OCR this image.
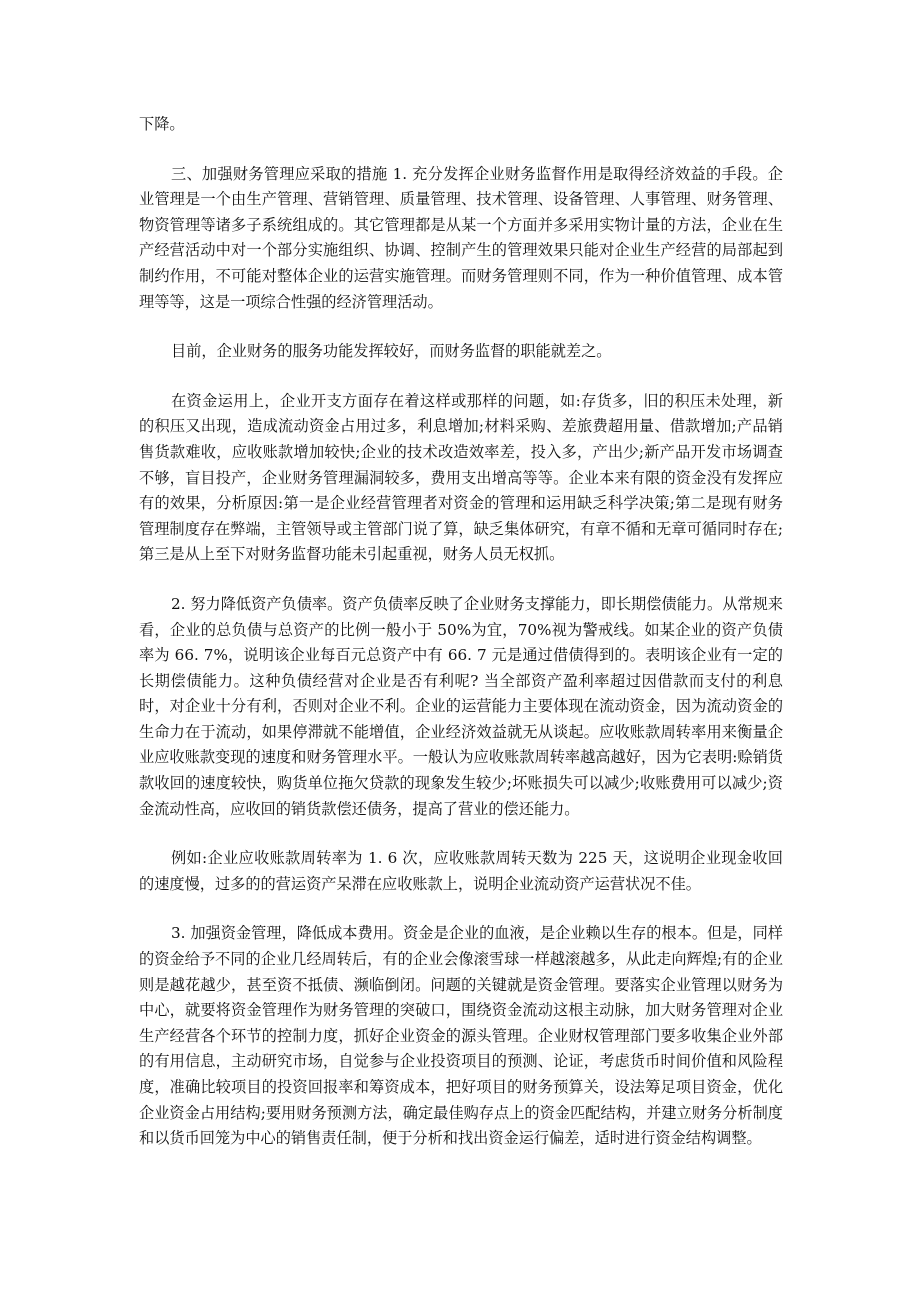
下降。

三、加强财务管理应采取的措施 1. 充分发挥企业财务监督作用是取得经济效益的手段。企业管理是一个由生产管理、营销管理、质量管理、技术管理、设备管理、人事管理、财务管理、物资管理等诸多子系统组成的。其它管理都是从某一个方面并多采用实物计量的方法，企业在生产经营活动中对一个部分实施组织、协调、控制产生的管理效果只能对企业生产经营的局部起到制约作用，不可能对整体企业的运营实施管理。而财务管理则不同，作为一种价值管理、成本管理等等，这是一项综合性强的经济管理活动。

目前，企业财务的服务功能发挥较好，而财务监督的职能就差之。

在资金运用上，企业开支方面存在着这样或那样的问题，如:存货多，旧的积压未处理，新的积压又出现，造成流动资金占用过多，利息增加;材料采购、差旅费超用量、借款增加;产品销售货款难收，应收账款增加较快;企业的技术改造效率差，投入多，产出少;新产品开发市场调查不够，盲目投产，企业财务管理漏洞较多，费用支出增高等等。企业本来有限的资金没有发挥应有的效果，分析原因:第一是企业经营管理者对资金的管理和运用缺乏科学决策;第二是现有财务管理制度存在弊端，主管领导或主管部门说了算，缺乏集体研究，有章不循和无章可循同时存在;第三是从上至下对财务监督功能未引起重视，财务人员无权抓。

2. 努力降低资产负债率。资产负债率反映了企业财务支撑能力，即长期偿债能力。从常规来看，企业的总负债与总资产的比例一般小于 50%为宜，70%视为警戒线。如某企业的资产负债率为 66. 7%，说明该企业每百元总资产中有 66. 7 元是通过借债得到的。表明该企业有一定的长期偿债能力。这种负债经营对企业是否有利呢? 当全部资产盈利率超过因借款而支付的利息时，对企业十分有利，否则对企业不利。企业的运营能力主要体现在流动资金，因为流动资金的生命力在于流动，如果停滞就不能增值，企业经济效益就无从谈起。应收账款周转率用来衡量企业应收账款变现的速度和财务管理水平。一般认为应收账款周转率越高越好，因为它表明:赊销货款收回的速度较快，购货单位拖欠贷款的现象发生较少;坏账损失可以减少;收账费用可以减少;资金流动性高，应收回的销货款偿还债务，提高了营业的偿还能力。

例如:企业应收账款周转率为 1. 6 次，应收账款周转天数为 225 天，这说明企业现金收回的速度慢，过多的的营运资产呆滞在应收账款上，说明企业流动资产运营状况不佳。

3. 加强资金管理，降低成本费用。资金是企业的血液，是企业赖以生存的根本。但是，同样的资金给予不同的企业几经周转后，有的企业会像滚雪球一样越滚越多，从此走向辉煌;有的企业则是越花越少，甚至资不抵债、濒临倒闭。问题的关键就是资金管理。要落实企业管理以财务为中心，就要将资金管理作为财务管理的突破口，围绕资金流动这根主动脉，加大财务管理对企业生产经营各个环节的控制力度，抓好企业资金的源头管理。企业财权管理部门要多收集企业外部的有用信息，主动研究市场，自觉参与企业投资项目的预测、论证，考虑货币时间价值和风险程度，准确比较项目的投资回报率和筹资成本，把好项目的财务预算关，设法筹足项目资金，优化企业资金占用结构;要用财务预测方法，确定最佳购存点上的资金匹配结构，并建立财务分析制度和以货币回笼为中心的销售责任制，便于分析和找出资金运行偏差，适时进行资金结构调整。
